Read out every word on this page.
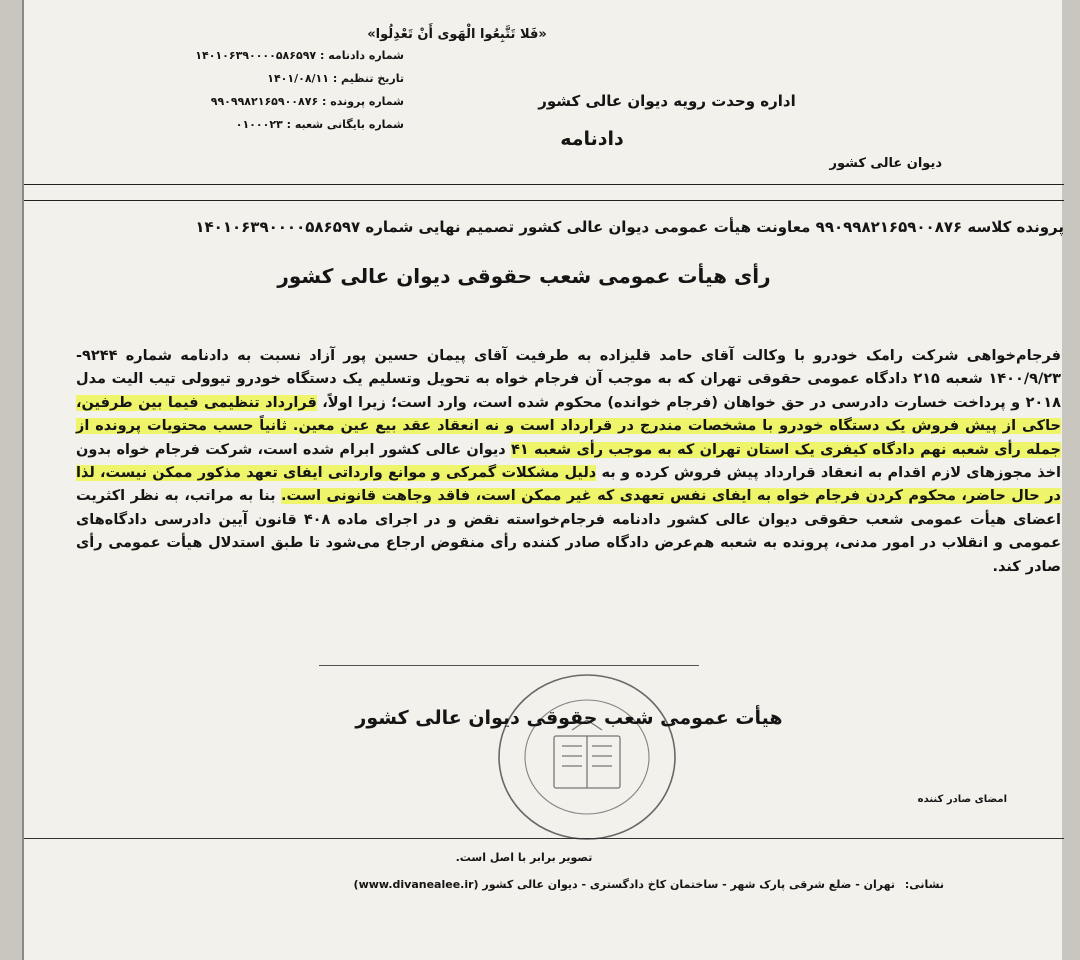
«فَلا تَتَّبِعُوا الْهَوی أَنْ تَعْدِلُوا»
اداره وحدت رویه دیوان عالی کشور
دادنامه
دیوان عالی کشور
شماره دادنامه : ۱۴۰۱۰۶۳۹۰۰۰۰۵۸۶۵۹۷
تاریخ تنظیم : ۱۴۰۱/۰۸/۱۱
شماره پرونده : ۹۹۰۹۹۸۲۱۶۵۹۰۰۸۷۶
شماره بایگانی شعبه : ۰۱۰۰۰۲۳
پرونده کلاسه ۹۹۰۹۹۸۲۱۶۵۹۰۰۸۷۶ معاونت هیأت عمومی دیوان عالی کشور تصمیم نهایی شماره ۱۴۰۱۰۶۳۹۰۰۰۰۵۸۶۵۹۷
رأی هیأت عمومی شعب حقوقی دیوان عالی کشور
فرجام‌خواهی شرکت رامک خودرو با وکالت آقای حامد قلیزاده به طرفیت آقای پیمان حسین پور آزاد نسبت به دادنامه شماره ۹۲۴۴- ۱۴۰۰/۹/۲۳ شعبه ۲۱۵ دادگاه عمومی حقوقی تهران که به موجب آن فرجام خواه به تحویل وتسلیم یک دستگاه خودرو تیوولی تیب الیت مدل ۲۰۱۸ و پرداخت خسارت دادرسی در حق خواهان (فرجام خوانده) محکوم شده است، وارد است؛ زیرا اولاً، قرارداد تنظیمی فیما بین طرفین، حاکی از پیش فروش یک دستگاه خودرو با مشخصات مندرج در قرارداد است و نه انعقاد عقد بیع عین معین. ثانیاً حسب محتویات پرونده از جمله رأی شعبه نهم دادگاه کیفری یک استان تهران که به موجب رأی شعبه ۴۱ دیوان عالی کشور ابرام شده است، شرکت فرجام خواه بدون اخذ مجوزهای لازم اقدام به انعقاد قرارداد پیش فروش کرده و به دلیل مشکلات گمرکی و موانع وارداتی ایفای تعهد مذکور ممکن نیست، لذا در حال حاضر، محکوم کردن فرجام خواه به ایفای نفس تعهدی که غیر ممکن است، فاقد وجاهت قانونی است. بنا به مراتب، به نظر اکثریت اعضای هیأت عمومی شعب حقوقی دیوان عالی کشور دادنامه فرجام‌خواسته نقض و در اجرای ماده ۴۰۸ قانون آیین دادرسی دادگاه‌های عمومی و انقلاب در امور مدنی، پرونده به شعبه هم‌عرض دادگاه صادر کننده رأی منقوض ارجاع می‌شود تا طبق استدلال هیأت عمومی رأی صادر کند.
هیأت عمومی شعب حقوقی دیوان عالی کشور
امضای صادر کننده
تصویر برابر با اصل است.
نشانی: تهران - ضلع شرقی پارک شهر - ساختمان کاخ دادگستری - دیوان عالی کشور (www.divanealee.ir)
